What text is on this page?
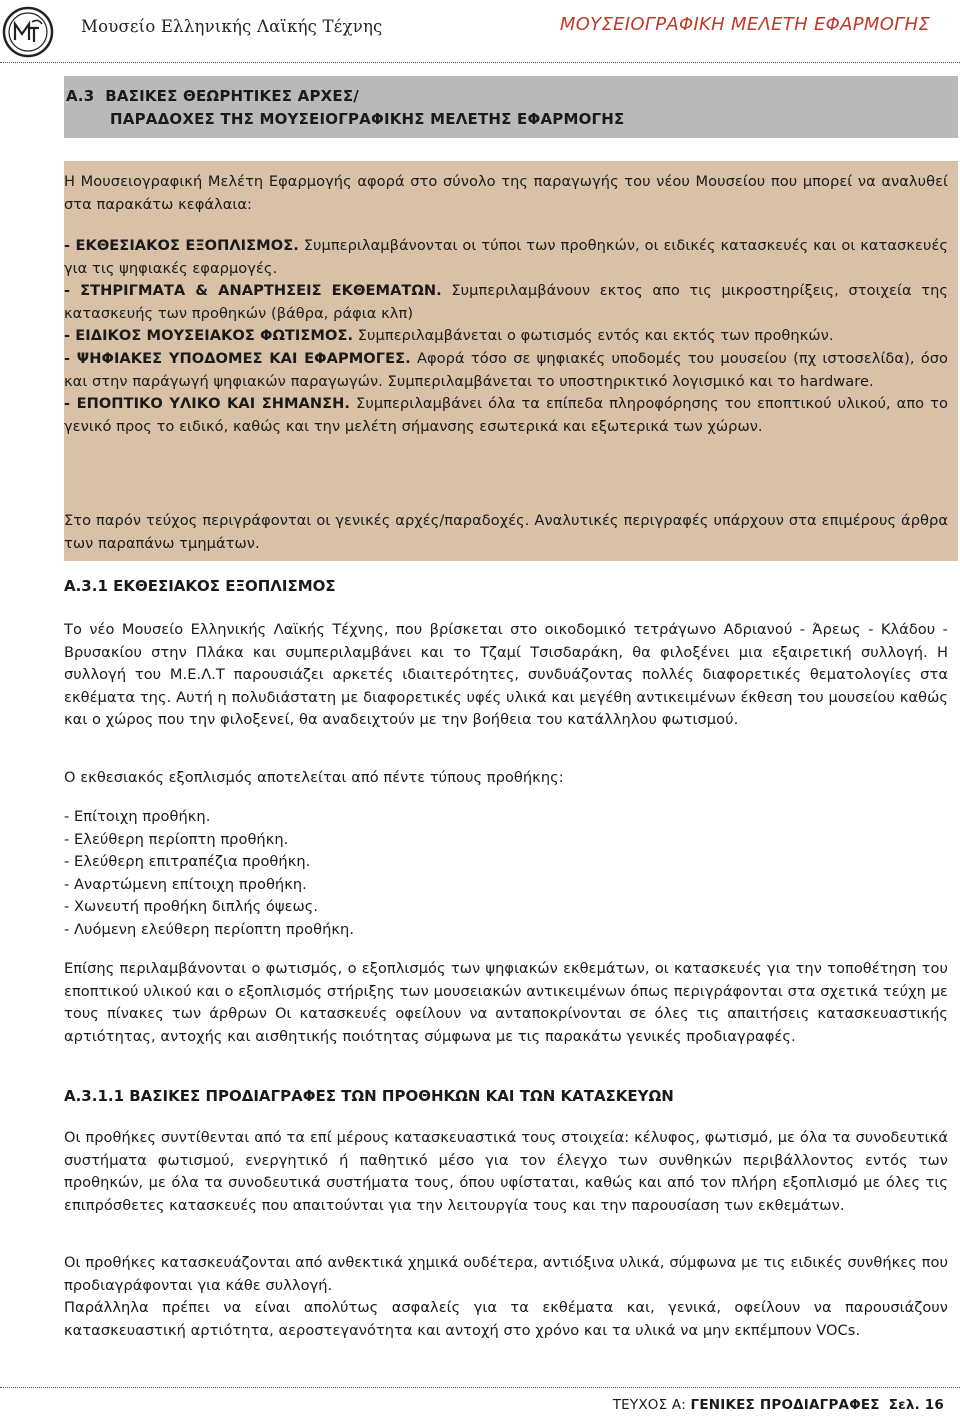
Μουσείο Ελληνικής Λαϊκής Τέχνης	ΜΟΥΣΕΙΟΓΡΑΦΙΚΗ ΜΕΛΕΤΗ ΕΦΑΡΜΟΓΗΣ
Α.3  ΒΑΣΙΚΕΣ ΘΕΩΡΗΤΙΚΕΣ ΑΡΧΕΣ/
ΠΑΡΑΔΟΧΕΣ ΤΗΣ ΜΟΥΣΕΙΟΓΡΑΦΙΚΗΣ ΜΕΛΕΤΗΣ ΕΦΑΡΜΟΓΗΣ

Η Μουσειογραφική Μελέτη Εφαρμογής αφορά στο σύνολο της παραγωγής του νέου Μουσείου που μπορεί να αναλυθεί στα παρακάτω κεφάλαια:

- ΕΚΘΕΣΙΑΚΟΣ ΕΞΟΠΛΙΣΜΟΣ. Συμπεριλαμβάνονται οι τύποι των προθηκών, οι ειδικές κατασκευές και οι κατασκευές για τις ψηφιακές εφαρμογές.

- ΣΤΗΡΙΓΜΑΤΑ & ΑΝΑΡΤΗΣΕΙΣ ΕΚΘΕΜΑΤΩΝ. Συμπεριλαμβάνουν εκτος απο τις μικροστηρίξεις, στοιχεία της κατασκευής των προθηκών (βάθρα, ράφια κλπ)

- ΕΙΔΙΚΟΣ ΜΟΥΣΕΙΑΚΟΣ ΦΩΤΙΣΜΟΣ. Συμπεριλαμβάνεται ο φωτισμός εντός και εκτός των προθηκών.

- ΨΗΦΙΑΚΕΣ ΥΠΟΔΟΜΕΣ ΚΑΙ ΕΦΑΡΜΟΓΕΣ. Αφορά τόσο σε ψηφιακές υποδομές του μουσείου (πχ ιστοσελίδα), όσο και στην παράγωγή ψηφιακών παραγωγών. Συμπεριλαμβάνεται το υποστηρικτικό λογισμικό και το hardware.

- ΕΠΟΠΤΙΚΟ ΥΛΙΚΟ ΚΑΙ ΣΗΜΑΝΣΗ. Συμπεριλαμβάνει όλα τα επίπεδα πληροφόρησης του εποπτικού υλικού, απο το γενικό προς το ειδικό, καθώς και την μελέτη σήμανσης εσωτερικά και εξωτερικά των χώρων.

Στο παρόν τεύχος περιγράφονται οι γενικές αρχές/παραδοχές. Αναλυτικές περιγραφές υπάρχουν στα επιμέρους άρθρα των παραπάνω τμημάτων.

Α.3.1 ΕΚΘΕΣΙΑΚΟΣ ΕΞΟΠΛΙΣΜΟΣ

Το νέο Μουσείο Ελληνικής Λαϊκής Τέχνης, που βρίσκεται στο οικοδομικό τετράγωνο Αδριανού - Άρεως - Κλάδου - Βρυσακίου στην Πλάκα και συμπεριλαμβάνει και το Τζαμί Τσισδαράκη, θα φιλοξένει μια εξαιρετική συλλογή. Η συλλογή του Μ.Ε.Λ.Τ παρουσιάζει αρκετές ιδιαιτερότητες, συνδυάζοντας πολλές διαφορετικές θεματολογίες στα εκθέματα της. Αυτή η πολυδιάστατη με διαφορετικές υφές υλικά και μεγέθη αντικειμένων έκθεση του μουσείου καθώς και ο χώρος που την φιλοξενεί, θα αναδειχτούν με την βοήθεια του κατάλληλου φωτισμού.

Ο εκθεσιακός εξοπλισμός αποτελείται από πέντε τύπους προθήκης:

- Επίτοιχη προθήκη.

- Ελεύθερη περίοπτη προθήκη.

- Ελεύθερη επιτραπέζια προθήκη.

- Αναρτώμενη επίτοιχη προθήκη.

- Χωνευτή προθήκη διπλής όψεως.

- Λυόμενη ελεύθερη περίοπτη προθήκη.

Επίσης περιλαμβάνονται ο φωτισμός, ο εξοπλισμός των ψηφιακών εκθεμάτων, οι κατασκευές για την τοποθέτηση του εποπτικού υλικού και ο εξοπλισμός στήριξης των μουσειακών αντικειμένων όπως περιγράφονται στα σχετικά τεύχη με τους πίνακες των άρθρων Οι κατασκευές οφείλουν να ανταποκρίνονται σε όλες τις απαιτήσεις κατασκευαστικής αρτιότητας, αντοχής και αισθητικής ποιότητας σύμφωνα με τις παρακάτω γενικές προδιαγραφές.

Α.3.1.1 ΒΑΣΙΚΕΣ ΠΡΟΔΙΑΓΡΑΦΕΣ ΤΩΝ ΠΡΟΘΗΚΩΝ ΚΑΙ ΤΩΝ ΚΑΤΑΣΚΕΥΩΝ

Οι προθήκες συντίθενται από τα επί μέρους κατασκευαστικά τους στοιχεία: κέλυφος, φωτισμό, με όλα τα συνοδευτικά συστήματα φωτισμού, ενεργητικό ή παθητικό μέσο για τον έλεγχο των συνθηκών περιβάλλοντος εντός των προθηκών, με όλα τα συνοδευτικά συστήματα τους, όπου υφίσταται, καθώς και από τον πλήρη εξοπλισμό με όλες τις επιπρόσθετες κατασκευές που απαιτούνται για την λειτουργία τους και την παρουσίαση των εκθεμάτων.

Οι προθήκες κατασκευάζονται από ανθεκτικά χημικά ουδέτερα, αντιόξινα υλικά, σύμφωνα με τις ειδικές συνθήκες που προδιαγράφονται για κάθε συλλογή.

Παράλληλα πρέπει να είναι απολύτως ασφαλείς για τα εκθέματα και, γενικά, οφείλουν να παρουσιάζουν κατασκευαστική αρτιότητα, αεροστεγανότητα και αντοχή στο χρόνο και τα υλικά να μην εκπέμπουν VOCs.

ΤΕΥΧΟΣ Α: ΓΕΝΙΚΕΣ ΠΡΟΔΙΑΓΡΑΦΕΣ Σελ. 16
